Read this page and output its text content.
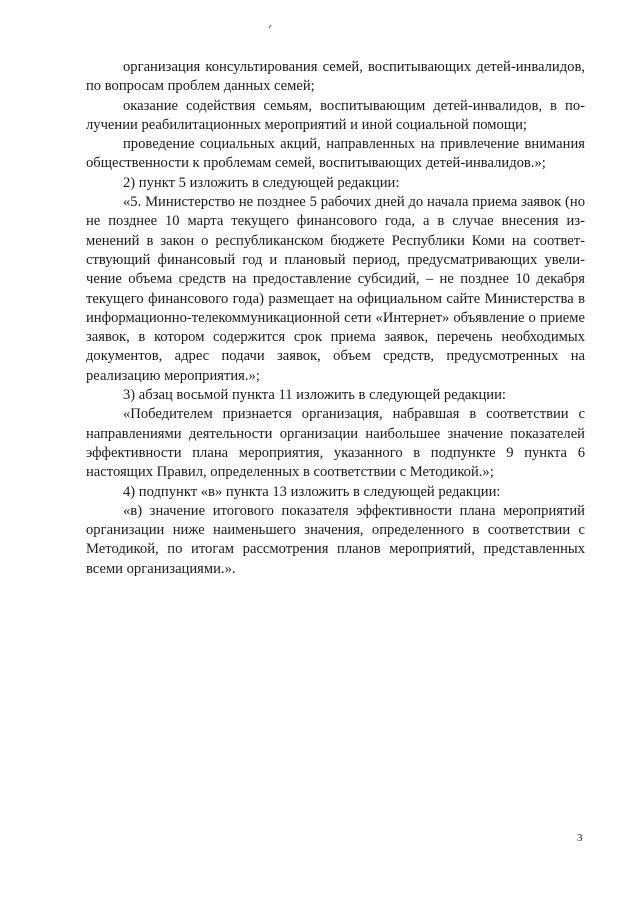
организация консультирования семей, воспитывающих детей-инвалидов, по вопросам проблем данных семей;

оказание содействия семьям, воспитывающим детей-инвалидов, в получении реабилитационных мероприятий и иной социальной помощи;

проведение социальных акций, направленных на привлечение внимания общественности к проблемам семей, воспитывающих детей-инвалидов.»;

2) пункт 5 изложить в следующей редакции:

«5. Министерство не позднее 5 рабочих дней до начала приема заявок (но не позднее 10 марта текущего финансового года, а в случае внесения изменений в закон о республиканском бюджете Республики Коми на соответствующий финансовый год и плановый период, предусматривающих увеличение объема средств на предоставление субсидий, – не позднее 10 декабря текущего финансового года) размещает на официальном сайте Министерства в информационно-телекоммуникационной сети «Интернет» объявление о приеме заявок, в котором содержится срок приема заявок, перечень необходимых документов, адрес подачи заявок, объем средств, предусмотренных на реализацию мероприятия.»;

3) абзац восьмой пункта 11 изложить в следующей редакции:

«Победителем признается организация, набравшая в соответствии с направлениями деятельности организации наибольшее значение показателей эффективности плана мероприятия, указанного в подпункте 9 пункта 6 настоящих Правил, определенных в соответствии с Методикой.»;

4) подпункт «в» пункта 13 изложить в следующей редакции:

«в) значение итогового показателя эффективности плана мероприятий организации ниже наименьшего значения, определенного в соответствии с Методикой, по итогам рассмотрения планов мероприятий, представленных всеми организациями.».

3
